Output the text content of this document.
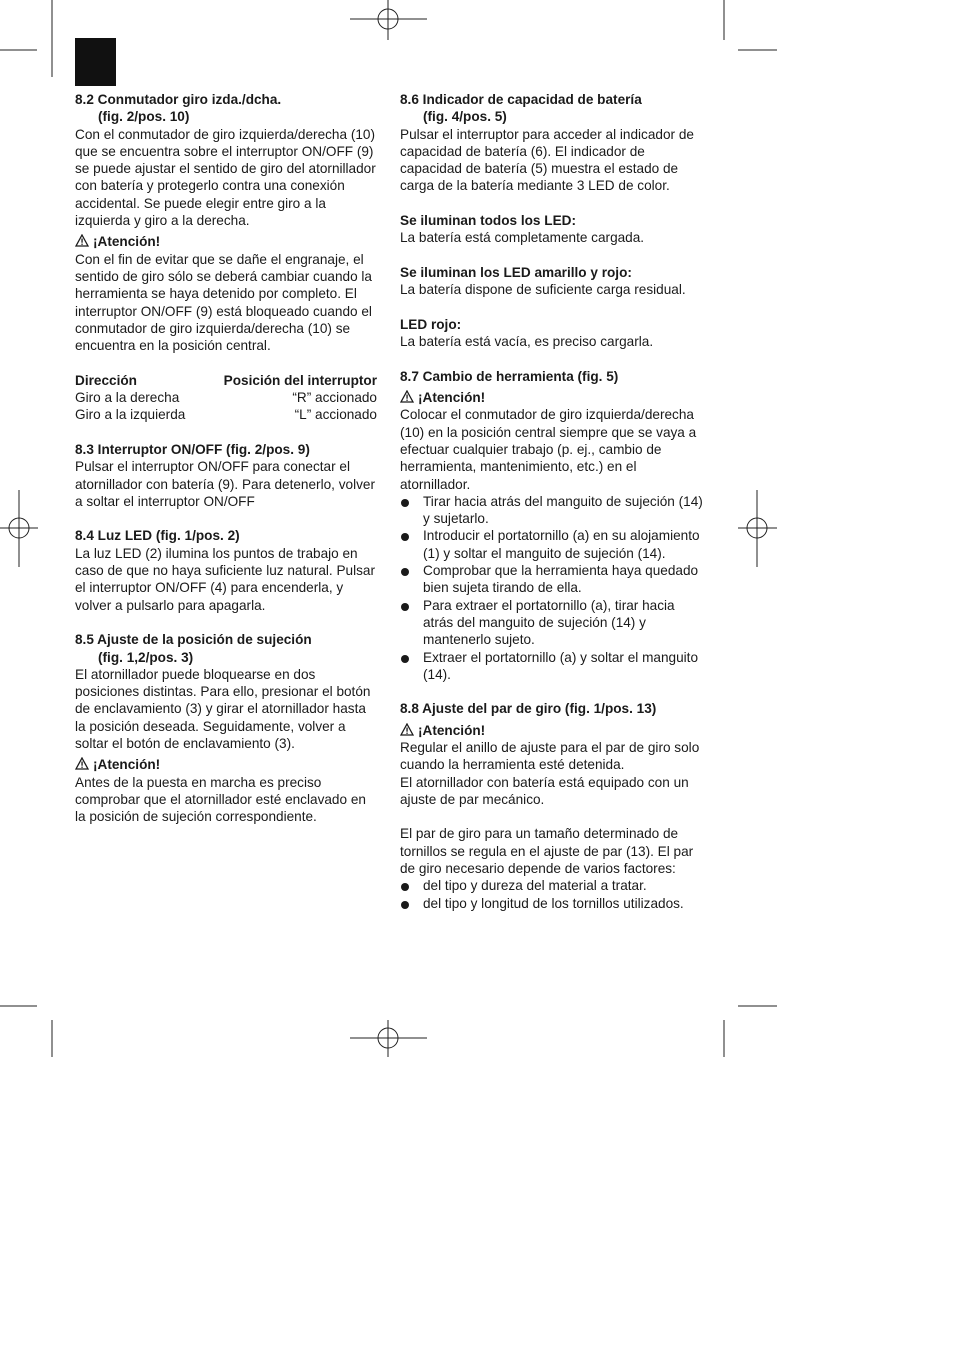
8.2 Conmutador giro izda./dcha.
(fig. 2/pos. 10)
Con el conmutador de giro izquierda/derecha (10) que se encuentra sobre el interruptor ON/OFF (9) se puede ajustar el sentido de giro del atornillador con batería y protegerlo contra una conexión accidental. Se puede elegir entre giro a la izquierda y giro a la derecha.
¡Atención!
Con el fin de evitar que se dañe el engranaje, el sentido de giro sólo se deberá cambiar cuando la herramienta se haya detenido por completo. El interruptor ON/OFF (9) está bloqueado cuando el conmutador de giro izquierda/derecha (10) se encuentra en la posición central.
Dirección	Posición del interruptor
Giro a la derecha	“R” accionado
Giro a la izquierda	“L” accionado
8.3 Interruptor ON/OFF (fig. 2/pos. 9)
Pulsar el interruptor ON/OFF para conectar el atornillador con batería (9). Para detenerlo, volver a soltar el interruptor ON/OFF
8.4 Luz LED (fig. 1/pos. 2)
La luz LED (2) ilumina los puntos de trabajo en caso de que no haya suficiente luz natural. Pulsar el interruptor ON/OFF (4) para encenderla, y volver a pulsarlo para apagarla.
8.5 Ajuste de la posición de sujeción
(fig. 1,2/pos. 3)
El atornillador puede bloquearse en dos posiciones distintas. Para ello, presionar el botón de enclavamiento (3) y girar el atornillador hasta la posición deseada. Seguidamente, volver a soltar el botón de enclavamiento (3).
¡Atención!
Antes de la puesta en marcha es preciso comprobar que el atornillador esté enclavado en la posición de sujeción correspondiente.
8.6 Indicador de capacidad de batería
(fig. 4/pos. 5)
Pulsar el interruptor para acceder al indicador de capacidad de batería (6). El indicador de capacidad de batería (5) muestra el estado de carga de la batería mediante 3 LED de color.
Se iluminan todos los LED:
La batería está completamente cargada.
Se iluminan los LED amarillo y rojo:
La batería dispone de suficiente carga residual.
LED rojo:
La batería está vacía, es preciso cargarla.
8.7 Cambio de herramienta (fig. 5)
¡Atención!
Colocar el conmutador de giro izquierda/derecha (10) en la posición central siempre que se vaya a efectuar cualquier trabajo (p. ej., cambio de herramienta, mantenimiento, etc.) en el atornillador.
Tirar hacia atrás del manguito de sujeción (14) y sujetarlo.
Introducir el portatornillo (a) en su alojamiento (1) y soltar el manguito de sujeción (14).
Comprobar que la herramienta haya quedado bien sujeta tirando de ella.
Para extraer el portatornillo (a), tirar hacia atrás del manguito de sujeción (14) y mantenerlo sujeto.
Extraer el portatornillo (a) y soltar el manguito (14).
8.8 Ajuste del par de giro (fig. 1/pos. 13)
¡Atención!
Regular el anillo de ajuste para el par de giro solo cuando la herramienta esté detenida.
El atornillador con batería está equipado con un ajuste de par mecánico.
El par de giro para un tamaño determinado de tornillos se regula en el ajuste de par (13). El par de giro necesario depende de varios factores:
del tipo y dureza del material a tratar.
del tipo y longitud de los tornillos utilizados.
